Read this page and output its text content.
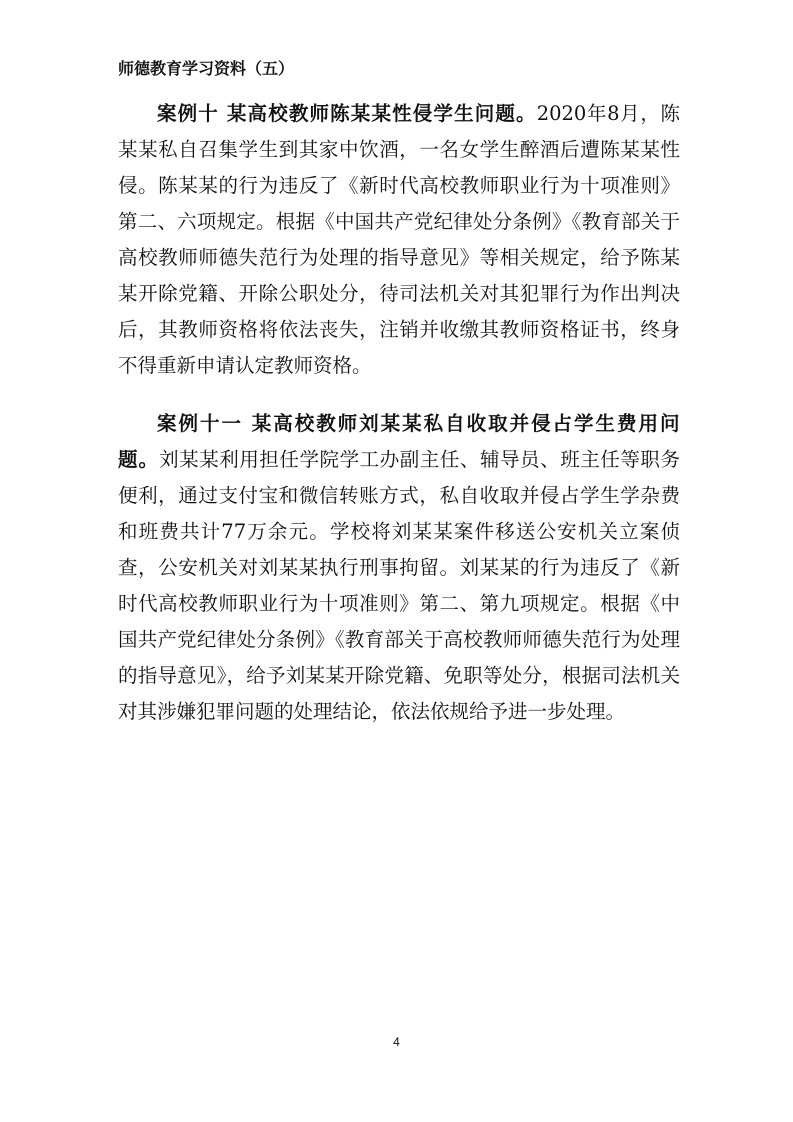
师德教育学习资料（五）

案例十 某高校教师陈某某性侵学生问题。2020年8月，陈某某私自召集学生到其家中饮酒，一名女学生醉酒后遭陈某某性侵。陈某某的行为违反了《新时代高校教师职业行为十项准则》第二、六项规定。根据《中国共产党纪律处分条例》《教育部关于高校教师师德失范行为处理的指导意见》等相关规定，给予陈某某开除党籍、开除公职处分，待司法机关对其犯罪行为作出判决后，其教师资格将依法丧失，注销并收缴其教师资格证书，终身不得重新申请认定教师资格。

案例十一 某高校教师刘某某私自收取并侵占学生费用问题。刘某某利用担任学院学工办副主任、辅导员、班主任等职务便利，通过支付宝和微信转账方式，私自收取并侵占学生学杂费和班费共计77万余元。学校将刘某某案件移送公安机关立案侦查，公安机关对刘某某执行刑事拘留。刘某某的行为违反了《新时代高校教师职业行为十项准则》第二、第九项规定。根据《中国共产党纪律处分条例》《教育部关于高校教师师德失范行为处理的指导意见》，给予刘某某开除党籍、免职等处分，根据司法机关对其涉嫌犯罪问题的处理结论，依法依规给予进一步处理。

4
